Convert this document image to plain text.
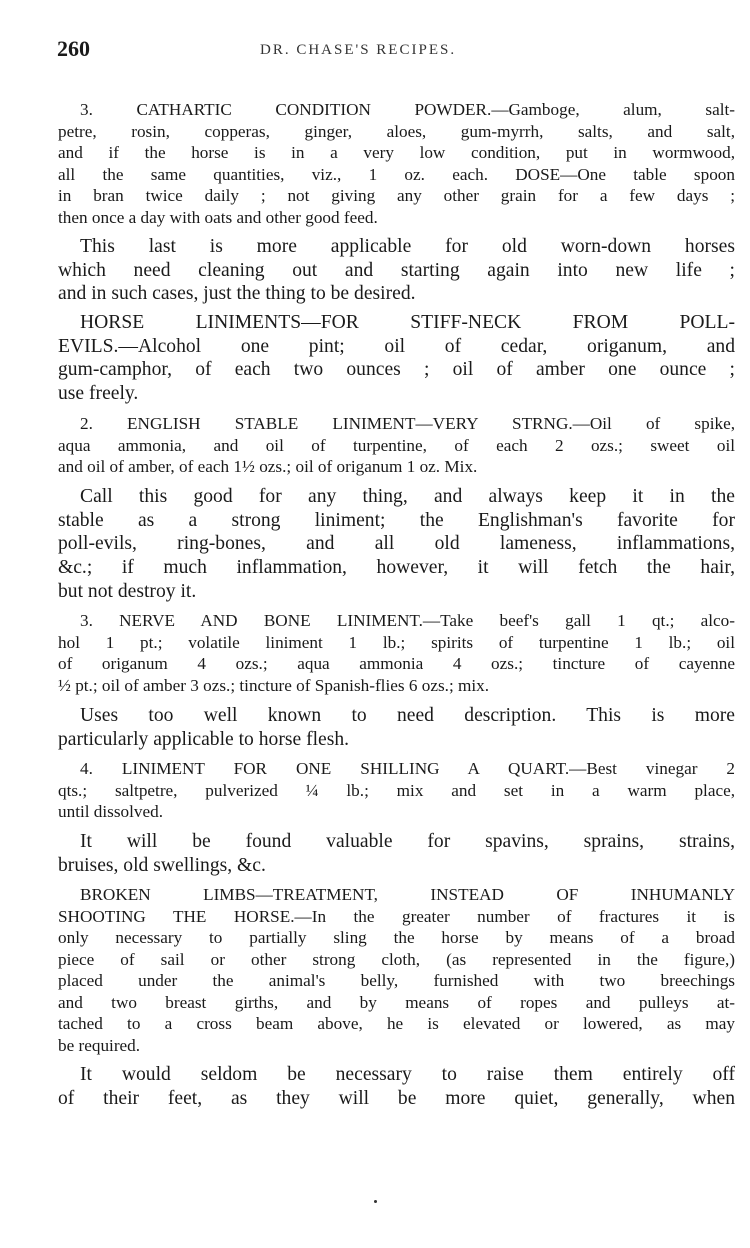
260	DR. CHASE'S RECIPES.
3. CATHARTIC CONDITION POWDER.—Gamboge, alum, salt-
petre, rosin, copperas, ginger, aloes, gum-myrrh, salts, and salt,
and if the horse is in a very low condition, put in wormwood,
all the same quantities, viz., 1 oz. each. DOSE—One table spoon
in bran twice daily ; not giving any other grain for a few days ;
then once a day with oats and other good feed.
This last is more applicable for old worn-down horses
which need cleaning out and starting again into new life ;
and in such cases, just the thing to be desired.
HORSE LINIMENTS—FOR STIFF-NECK FROM POLL-
EVILS.—Alcohol one pint; oil of cedar, origanum, and
gum-camphor, of each two ounces ; oil of amber one ounce ;
use freely.
2. ENGLISH STABLE LINIMENT—VERY STRNG.—Oil of spike,
aqua ammonia, and oil of turpentine, of each 2 ozs.; sweet oil
and oil of amber, of each 1½ ozs.; oil of origanum 1 oz. Mix.
Call this good for any thing, and always keep it in the
stable as a strong liniment; the Englishman's favorite for
poll-evils, ring-bones, and all old lameness, inflammations,
&c.; if much inflammation, however, it will fetch the hair,
but not destroy it.
3. NERVE AND BONE LINIMENT.—Take beef's gall 1 qt.; alco-
hol 1 pt.; volatile liniment 1 lb.; spirits of turpentine 1 lb.; oil
of origanum 4 ozs.; aqua ammonia 4 ozs.; tincture of cayenne
½ pt.; oil of amber 3 ozs.; tincture of Spanish-flies 6 ozs.; mix.
Uses too well known to need description. This is more
particularly applicable to horse flesh.
4. LINIMENT FOR ONE SHILLING A QUART.—Best vinegar 2
qts.; saltpetre, pulverized ¼ lb.; mix and set in a warm place,
until dissolved.
It will be found valuable for spavins, sprains, strains,
bruises, old swellings, &c.
BROKEN LIMBS—TREATMENT, INSTEAD OF INHUMANLY
SHOOTING THE HORSE.—In the greater number of fractures it is
only necessary to partially sling the horse by means of a broad
piece of sail or other strong cloth, (as represented in the figure,)
placed under the animal's belly, furnished with two breechings
and two breast girths, and by means of ropes and pulleys at-
tached to a cross beam above, he is elevated or lowered, as may
be required.
It would seldom be necessary to raise them entirely off
of their feet, as they will be more quiet, generally, when
